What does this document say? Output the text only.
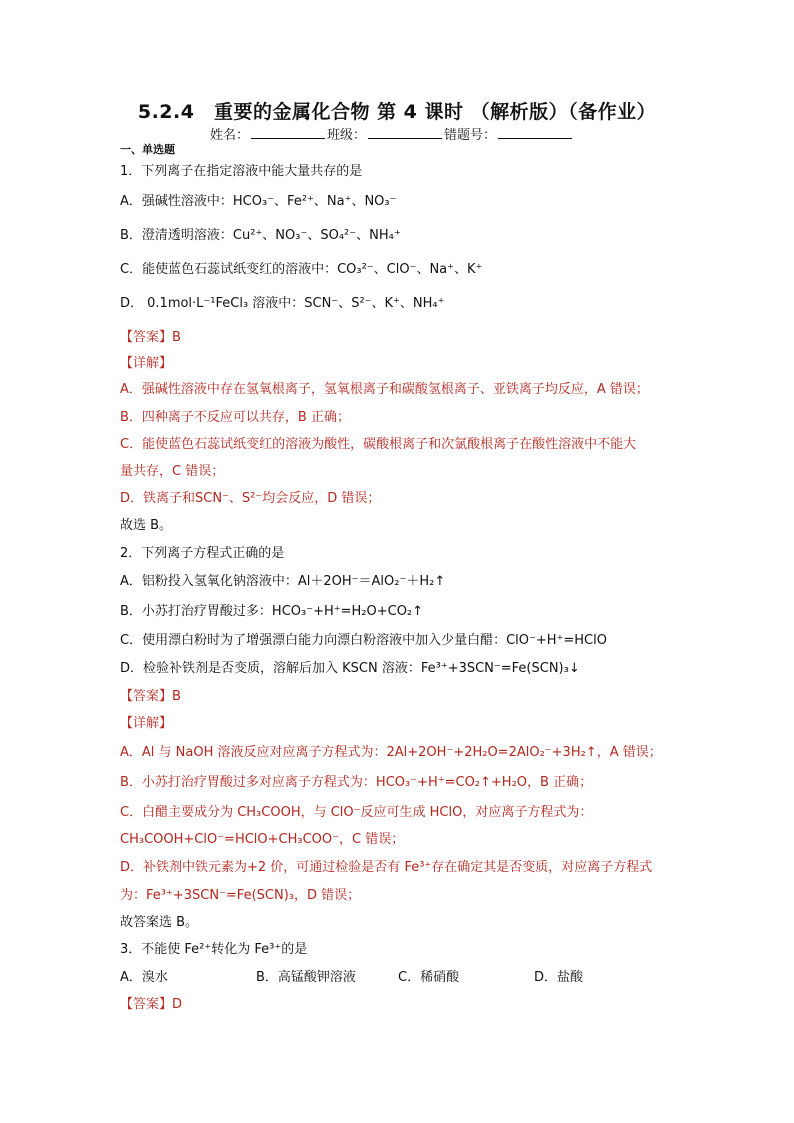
5.2.4　重要的金属化合物 第 4 课时 （解析版）（备作业）
姓名：	班级：	错题号：
一、单选题
1．下列离子在指定溶液中能大量共存的是
A．强碱性溶液中：HCO₃⁻、Fe²⁺、Na⁺、NO₃⁻
B．澄清透明溶液：Cu²⁺、NO₃⁻、SO₄²⁻、NH₄⁺
C．能使蓝色石蕊试纸变红的溶液中：CO₃²⁻、ClO⁻、Na⁺、K⁺
D． 0.1mol·L⁻¹FeCl₃ 溶液中：SCN⁻、S²⁻、K⁺、NH₄⁺
【答案】B
【详解】
A．强碱性溶液中存在氢氧根离子，氢氧根离子和碳酸氢根离子、亚铁离子均反应，A 错误；
B．四种离子不反应可以共存，B 正确；
C．能使蓝色石蕊试纸变红的溶液为酸性，碳酸根离子和次氯酸根离子在酸性溶液中不能大
量共存，C 错误；
D．铁离子和SCN⁻、S²⁻均会反应，D 错误；
故选 B。
2．下列离子方程式正确的是
A．铝粉投入氢氧化钠溶液中：Al＋2OH⁻＝AlO₂⁻＋H₂↑
B．小苏打治疗胃酸过多：HCO₃⁻+H⁺=H₂O+CO₂↑
C．使用漂白粉时为了增强漂白能力向漂白粉溶液中加入少量白醋：ClO⁻+H⁺=HClO
D．检验补铁剂是否变质，溶解后加入 KSCN 溶液：Fe³⁺+3SCN⁻=Fe(SCN)₃↓
【答案】B
【详解】
A．Al 与 NaOH 溶液反应对应离子方程式为：2Al+2OH⁻+2H₂O=2AlO₂⁻+3H₂↑，A 错误；
B．小苏打治疗胃酸过多对应离子方程式为：HCO₃⁻+H⁺=CO₂↑+H₂O，B 正确；
C．白醋主要成分为 CH₃COOH，与 ClO⁻反应可生成 HClO，对应离子方程式为：
CH₃COOH+ClO⁻=HClO+CH₃COO⁻，C 错误；
D．补铁剂中铁元素为+2 价，可通过检验是否有 Fe³⁺存在确定其是否变质，对应离子方程式
为：Fe³⁺+3SCN⁻=Fe(SCN)₃，D 错误；
故答案选 B。
3．不能使 Fe²⁺转化为 Fe³⁺的是
A．溴水	B．高锰酸钾溶液	C．稀硝酸	D．盐酸
【答案】D
